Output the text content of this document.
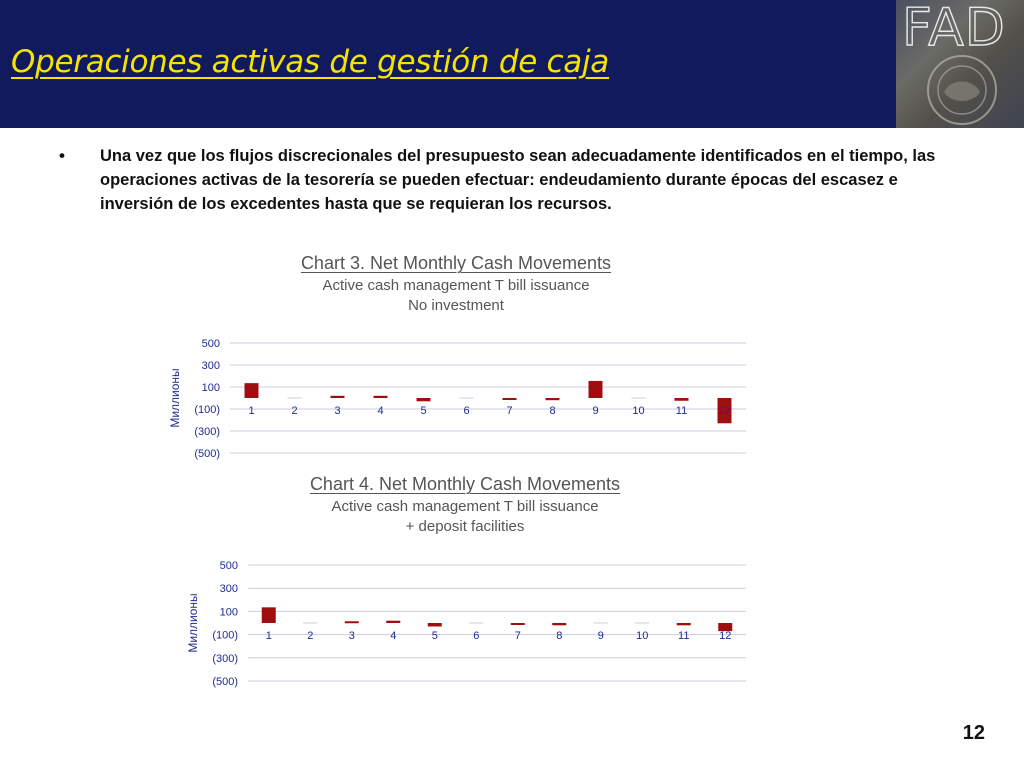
Operaciones activas de gestión de caja
FAD
• Una vez que los flujos discrecionales del presupuesto sean adecuadamente identificados en el tiempo, las operaciones activas de la tesorería se pueden efectuar: endeudamiento durante épocas del escasez e inversión de los excedentes hasta que se requieran los recursos.
Chart 3. Net Monthly Cash Movements
Active cash management T bill issuance
No investment
500
300
100
(100)
(300)
(500)
Миллионы	1	2	3	4	5	6	7	8	9	10	11	12
Chart 4. Net Monthly Cash Movements
Active cash management T bill issuance
+ deposit facilities
500
300
100
(100)
(300)
(500)
Миллионы	1	2	3	4	5	6	7	8	9	10	11	12
12
